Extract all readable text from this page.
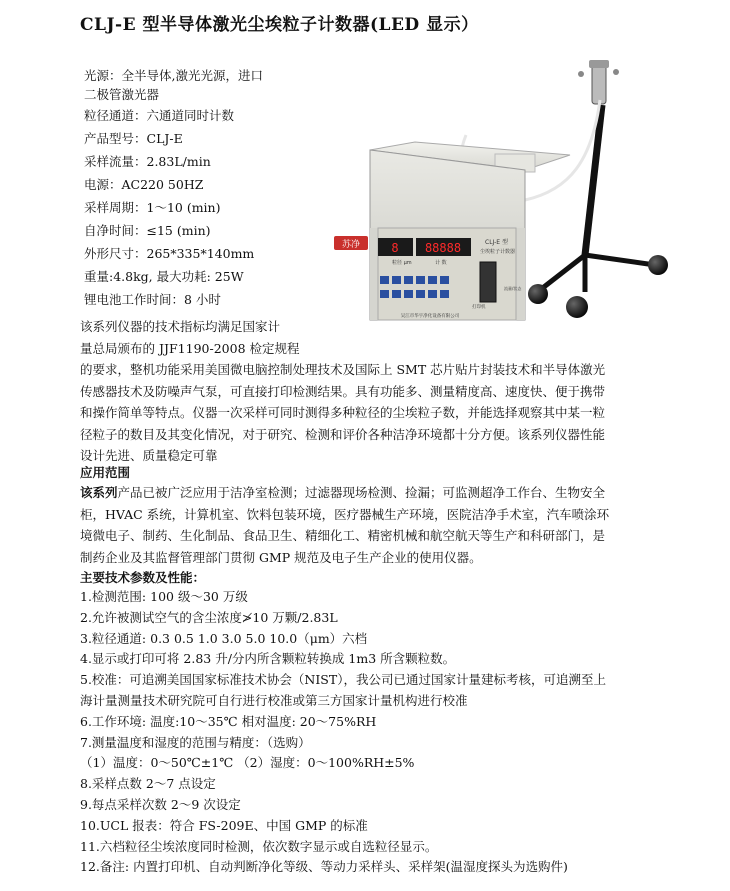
CLJ-E 型半导体激光尘埃粒子计数器(LED 显示）
光源：全半导体,激光光源，进口
二极管激光器
粒径通道：六通道同时计数
产品型号：CLJ-E
采样流量：2.83L/min
电源：AC220 50HZ
采样周期：1～10 (min)
自净时间：≤15 (min)
外形尺寸：265*335*140mm
重量:4.8kg, 最大功耗: 25W
锂电池工作时间：8 小时
8 88888
粒径 μm	计 数
CLJ-E 型
尘埃粒子计数器
苏净
打印机
流量/状态
吴江市华宇净化设备有限公司
该系列仪器的技术指标均满足国家计
量总局颁布的 JJF1190-2008 检定规程
的要求，整机功能采用美国微电脑控制处理技术及国际上 SMT 芯片贴片封装技术和半导体激光
传感器技术及防噪声气泵，可直接打印检测结果。具有功能多、测量精度高、速度快、便于携带
和操作简单等特点。仪器一次采样可同时测得多种粒径的尘埃粒子数，并能选择观察其中某一粒
径粒子的数目及其变化情况，对于研究、检测和评价各种洁净环境都十分方便。该系列仪器性能
设计先进、质量稳定可靠
应用范围
该系列产品已被广泛应用于洁净室检测；过滤器现场检测、捡漏；可监测超净工作台、生物安全
柜，HVAC 系统，计算机室、饮料包装环境，医疗器械生产环境，医院洁净手术室，汽车喷涂环
境微电子、制药、生化制品、食品卫生、精细化工、精密机械和航空航天等生产和科研部门，是
制药企业及其监督管理部门贯彻 GMP 规范及电子生产企业的使用仪器。
主要技术参数及性能：
1.检测范围: 100 级～30 万级
2.允许被测试空气的含尘浓度≯10 万颗/2.83L
3.粒径通道: 0.3 0.5 1.0 3.0 5.0 10.0（μm）六档
4.显示或打印可将 2.83 升/分内所含颗粒转换成 1m3 所含颗粒数。
5.校准：可追溯美国国家标准技术协会（NIST），我公司已通过国家计量建标考核，可追溯至上
海计量测量技术研究院可自行进行校准或第三方国家计量机构进行校准
6.工作环境: 温度:10～35℃ 相对温度: 20～75%RH
7.测量温度和湿度的范围与精度：（选购）
（1）温度：0～50℃±1℃ （2）湿度：0～100%RH±5%
8.采样点数 2～7 点设定
9.每点采样次数 2～9 次设定
10.UCL 报表：符合 FS-209E、中国 GMP 的标准
11.六档粒径尘埃浓度同时检测，依次数字显示或自选粒径显示。
12.备注: 内置打印机、自动判断净化等级、等动力采样头、采样架(温湿度探头为选购件)
